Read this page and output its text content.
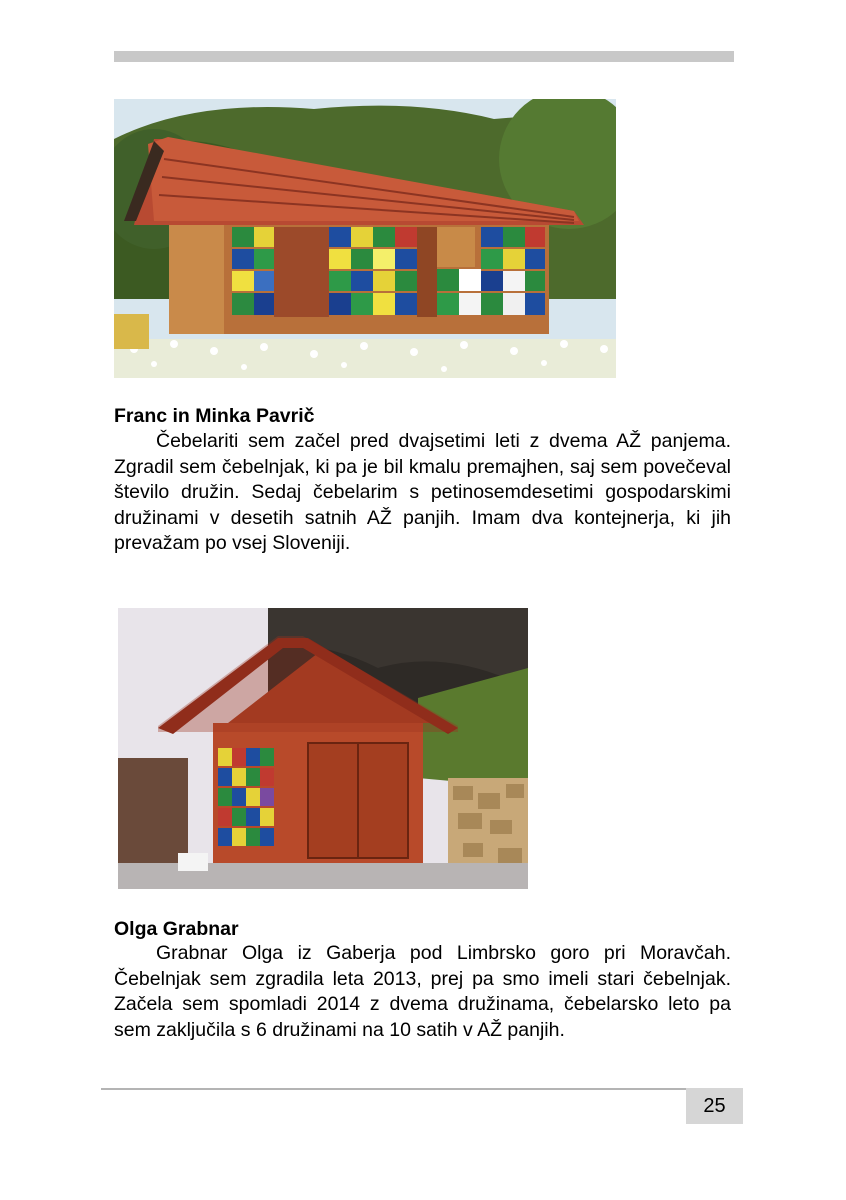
Franc in Minka Pavrič

Čebelariti sem začel pred dvajsetimi leti z dvema AŽ panjema. Zgradil sem čebelnjak, ki pa je bil kmalu premajhen, saj sem povečeval število družin. Sedaj čebelarim s petinosemdesetimi gospodarskimi družinami v desetih satnih AŽ panjih. Imam dva kontejnerja, ki jih prevažam po vsej Sloveniji.

Olga Grabnar

Grabnar Olga iz Gaberja pod Limbrsko goro pri Moravčah. Čebelnjak sem zgradila leta 2013, prej pa smo imeli stari čebelnjak. Začela sem spomladi 2014 z dvema družinama, čebelarsko leto pa sem zaključila s 6 družinami na 10 satih v AŽ panjih.

25
